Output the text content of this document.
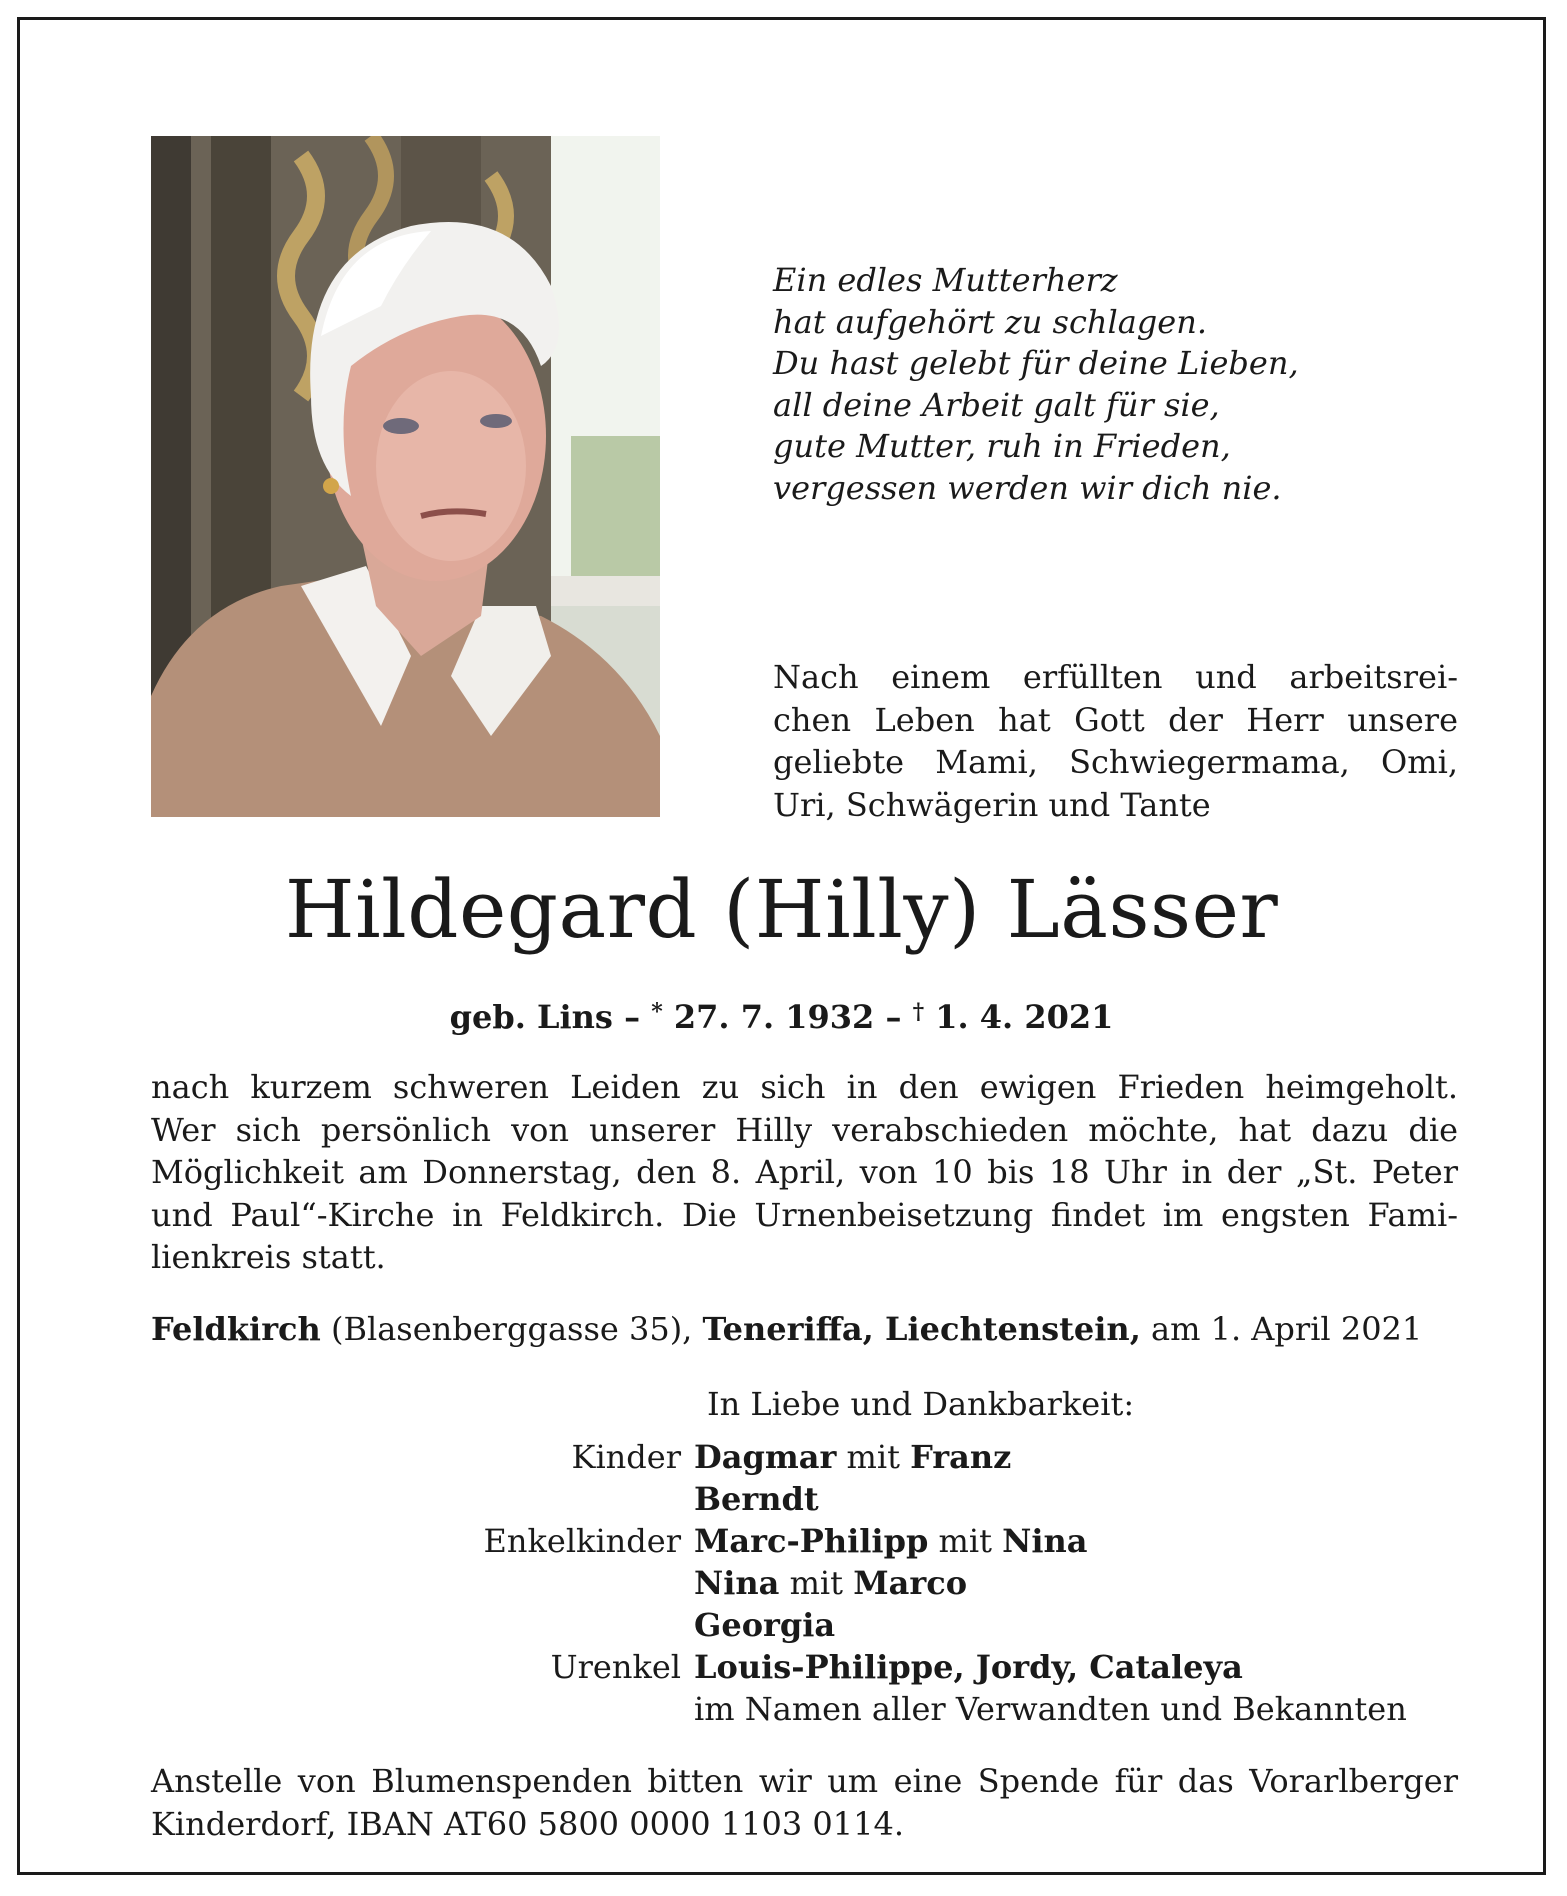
Ein edles Mutterherz
hat aufgehört zu schlagen.
Du hast gelebt für deine Lieben,
all deine Arbeit galt für sie,
gute Mutter, ruh in Frieden,
vergessen werden wir dich nie.
Nach einem erfüllten und arbeitsrei-
chen Leben hat Gott der Herr unsere
geliebte Mami, Schwiegermama, Omi,
Uri, Schwägerin und Tante
Hildegard (Hilly) Lässer
geb. Lins – * 27. 7. 1932 – † 1. 4. 2021
nach kurzem schweren Leiden zu sich in den ewigen Frieden heimgeholt.
Wer sich persönlich von unserer Hilly verabschieden möchte, hat dazu die
Möglichkeit am Donnerstag, den 8. April, von 10 bis 18 Uhr in der „St. Peter
und Paul“-Kirche in Feldkirch. Die Urnenbeisetzung findet im engsten Fami-
lienkreis statt.
Feldkirch (Blasenberggasse 35), Teneriffa, Liechtenstein, am 1. April 2021
In Liebe und Dankbarkeit:
Kinder Dagmar mit Franz
Berndt
Enkelkinder Marc-Philipp mit Nina
Nina mit Marco
Georgia
Urenkel Louis-Philippe, Jordy, Cataleya
im Namen aller Verwandten und Bekannten
Anstelle von Blumenspenden bitten wir um eine Spende für das Vorarlberger
Kinderdorf, IBAN AT60 5800 0000 1103 0114.
